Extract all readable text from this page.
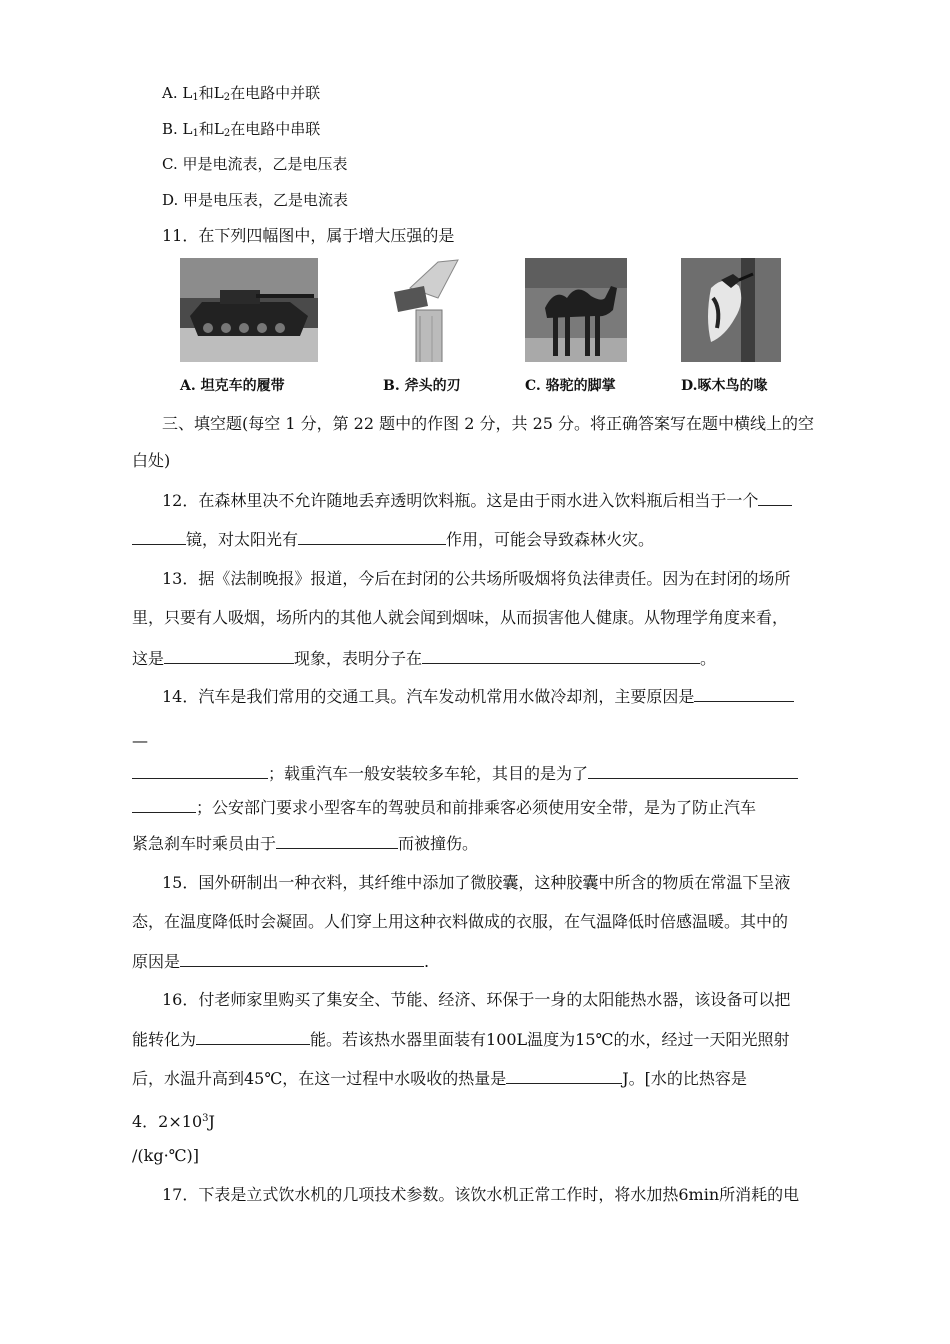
A. $L_1$和$L_2$在电路中并联
B. $L_1$和$L_2$在电路中串联
C. 甲是电流表，乙是电压表
D. 甲是电压表，乙是电流表
11．在下列四幅图中，属于增大压强的是
A. 坦克车的履带	B. 斧头的刃	C. 骆驼的脚掌	D.啄木鸟的喙
三、填空题(每空 1 分，第 22 题中的作图 2 分，共 25 分。将正确答案写在题中横线上的空
白处)
12．在森林里决不允许随地丢弃透明饮料瓶。这是由于雨水进入饮料瓶后相当于一个
镜，对太阳光有	作用，可能会导致森林火灾。
13．据《法制晚报》报道，今后在封闭的公共场所吸烟将负法律责任。因为在封闭的场所
里，只要有人吸烟，场所内的其他人就会闻到烟味，从而损害他人健康。从物理学角度来看，
这是	现象，表明分子在	。
14．汽车是我们常用的交通工具。汽车发动机常用水做冷却剂，主要原因是
—
；载重汽车一般安装较多车轮，其目的是为了
；公安部门要求小型客车的驾驶员和前排乘客必须使用安全带，是为了防止汽车
紧急刹车时乘员由于	而被撞伤。
15．国外研制出一种衣料，其纤维中添加了微胶囊，这种胶囊中所含的物质在常温下呈液
态，在温度降低时会凝固。人们穿上用这种衣料做成的衣服，在气温降低时倍感温暖。其中的
原因是	.
16．付老师家里购买了集安全、节能、经济、环保于一身的太阳能热水器，该设备可以把
能转化为	能。若该热水器里面装有100L温度为15℃的水，经过一天阳光照射
后，水温升高到45℃，在这一过程中水吸收的热量是	J。[水的比热容是
4．$2\times 10^3J$
/(kg·℃)]
17．下表是立式饮水机的几项技术参数。该饮水机正常工作时，将水加热6min所消耗的电
